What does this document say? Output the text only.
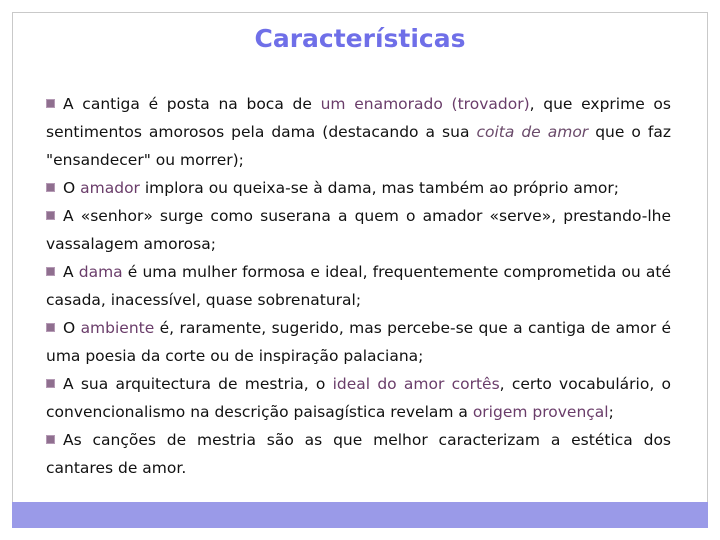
Características

A cantiga é posta na boca de um enamorado (trovador), que exprime os sentimentos amorosos pela dama (destacando a sua coita de amor que o faz "ensandecer" ou morrer);

O amador implora ou queixa-se à dama, mas também ao próprio amor;

A «senhor» surge como suserana a quem o amador «serve», prestando-lhe vassalagem amorosa;

A dama é uma mulher formosa e ideal, frequentemente comprometida ou até casada, inacessível, quase sobrenatural;

O ambiente é, raramente, sugerido, mas percebe-se que a cantiga de amor é uma poesia da corte ou de inspiração palaciana;

A sua arquitectura de mestria, o ideal do amor cortês, certo vocabulário, o convencionalismo na descrição paisagística revelam a origem provençal;

As canções de mestria são as que melhor caracterizam a estética dos cantares de amor.
